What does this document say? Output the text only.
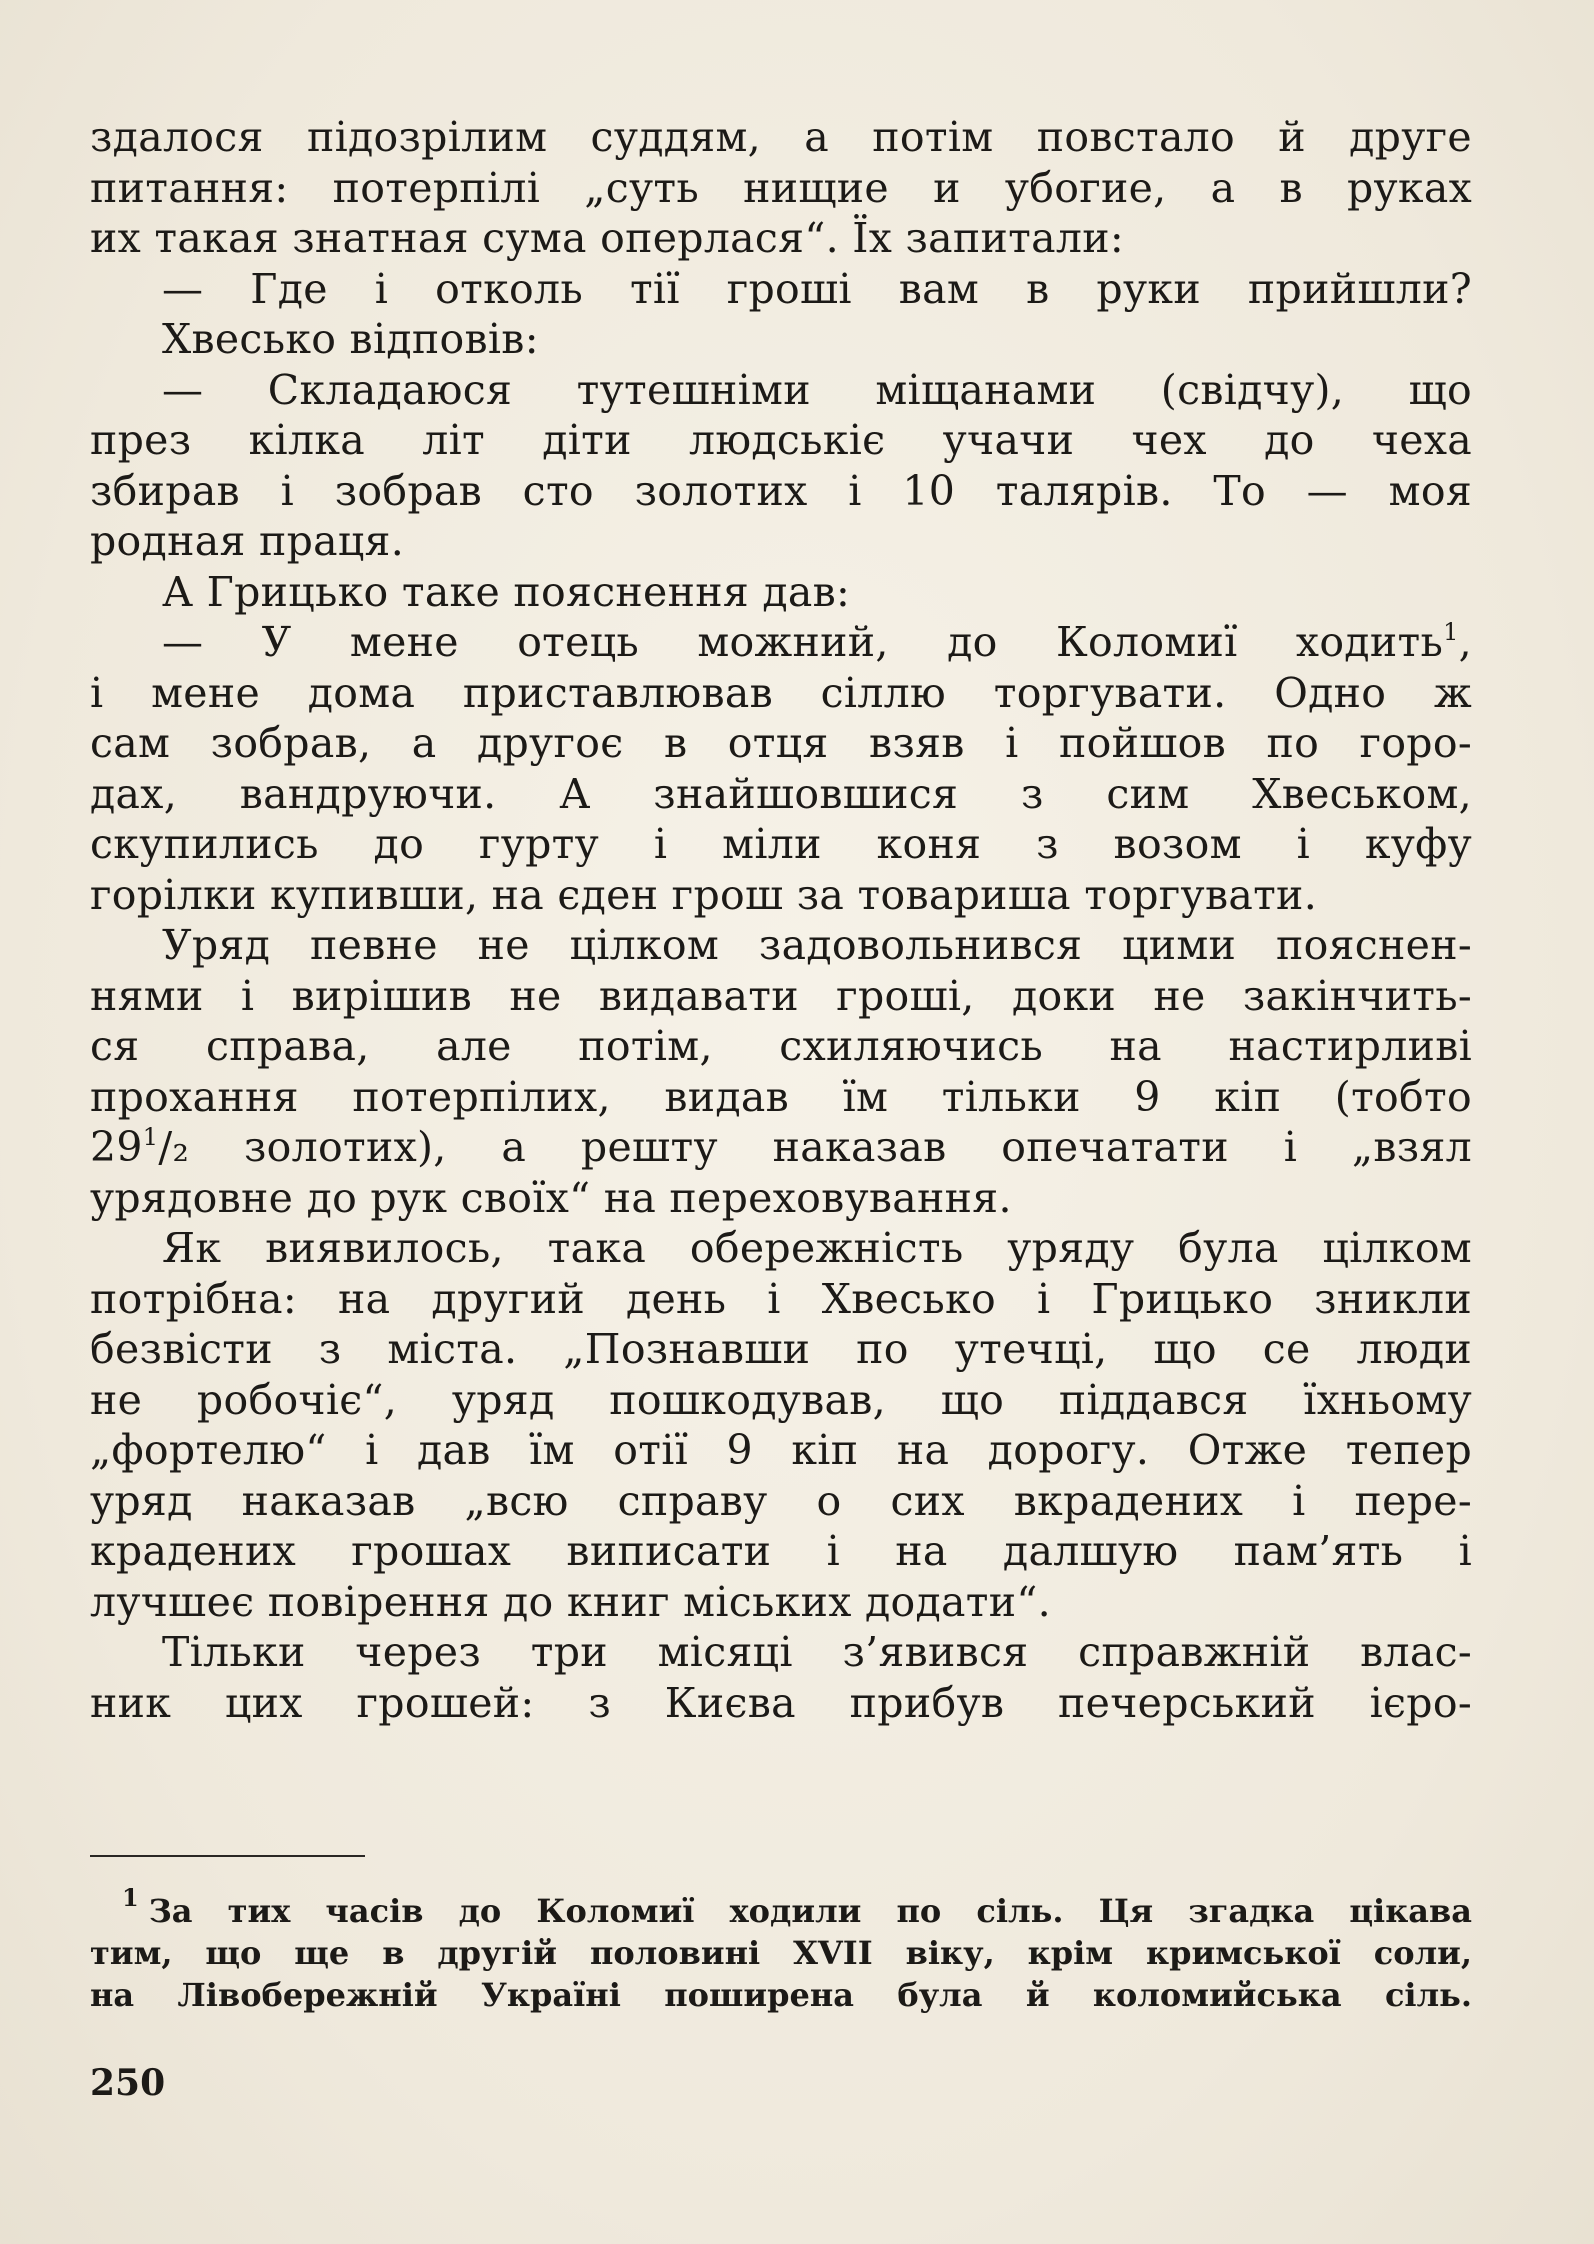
здалося підозрілим суддям, а потім повстало й друге
питання: потерпілі „суть нищие и убогие, а в руках
их такая знатная сума оперлася“. Їх запитали:
— Где і отколь тії гроші вам в руки прийшли?
Хвесько відповів:
— Складаюся тутешніми міщанами (свідчу), що
през кілка літ діти людськіє учачи чех до чеха
збирав і зобрав сто золотих і 10 талярів. То — моя
родная праця.
А Грицько таке пояснення дав:
— У мене отець можний, до Коломиї ходить$^1$,
і мене дома приставлював сіллю торгувати. Одно ж
сам зобрав, а другоє в отця взяв і пойшов по горо-
дах, вандруючи. А знайшовшися з сим Хвеськом,
скупились до гурту і міли коня з возом і куфу
горілки купивши, на єден грош за товариша торгувати.
Уряд певне не цілком задовольнився цими пояснен-
нями і вирішив не видавати гроші, доки не закінчить-
ся справа, але потім, схиляючись на настирливі
прохання потерпілих, видав їм тільки 9 кіп (тобто
$29^1/_2$ золотих), а решту наказав опечатати і „взял
урядовне до рук своїх“ на переховування.
Як виявилось, така обережність уряду була цілком
потрібна: на другий день і Хвесько і Грицько зникли
безвісти з міста. „Познавши по утечці, що се люди
не робочіє“, уряд пошкодував, що піддався їхньому
„фортелю“ і дав їм отії 9 кіп на дорогу. Отже тепер
уряд наказав „всю справу о сих вкрадених і пере-
крадених грошах виписати і на далшую пам’ять і
лучшеє повірення до книг міських додати“.
Тільки через три місяці з’явився справжній влас-
ник цих грошей: з Києва прибув печерський ієро-
$^1$ За тих часів до Коломиї ходили по сіль. Ця згадка цікава
тим, що ще в другій половині XVII віку, крім кримської соли,
на Лівобережній Україні поширена була й коломийська сіль.
250
